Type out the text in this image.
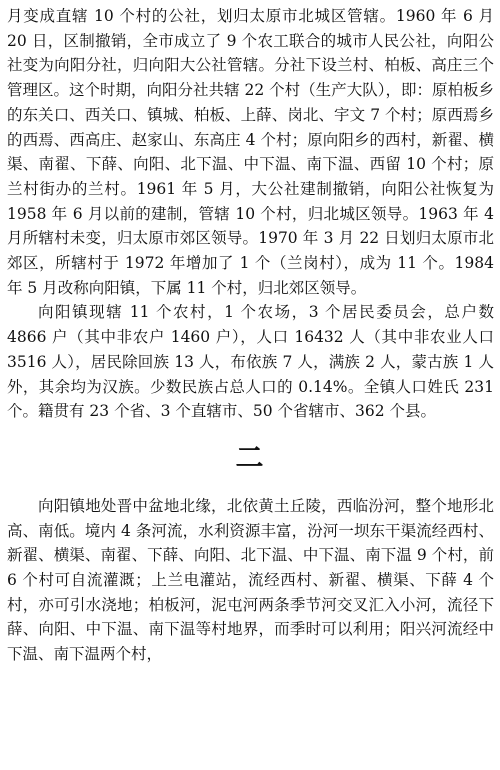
月变成直辖 10 个村的公社，划归太原市北城区管辖。1960 年 6 月 20 日，区制撤销，全市成立了 9 个农工联合的城市人民公社，向阳公社变为向阳分社，归向阳大公社管辖。分社下设兰村、柏板、高庄三个管理区。这个时期，向阳分社共辖 22 个村（生产大队），即：原柏板乡的东关口、西关口、镇城、柏板、上薛、岗北、宇文 7 个村；原西焉乡的西焉、西高庄、赵家山、东高庄 4 个村；原向阳乡的西村，新翟、横渠、南翟、下薛、向阳、北下温、中下温、南下温、西留 10 个村；原兰村街办的兰村。1961 年 5 月，大公社建制撤销，向阳公社恢复为 1958 年 6 月以前的建制，管辖 10 个村，归北城区领导。1963 年 4 月所辖村未变，归太原市郊区领导。1970 年 3 月 22 日划归太原市北郊区，所辖村于 1972 年增加了 1 个（兰岗村），成为 11 个。1984 年 5 月改称向阳镇，下属 11 个村，归北郊区领导。

向阳镇现辖 11 个农村，1 个农场，3 个居民委员会，总户数 4866 户（其中非农户 1460 户），人口 16432 人（其中非农业人口 3516 人），居民除回族 13 人，布依族 7 人，满族 2 人，蒙古族 1 人外，其余均为汉族。少数民族占总人口的 0.14%。全镇人口姓氏 231 个。籍贯有 23 个省、3 个直辖市、50 个省辖市、362 个县。

二

向阳镇地处晋中盆地北缘，北依黄土丘陵，西临汾河，整个地形北高、南低。境内 4 条河流，水利资源丰富，汾河一坝东干渠流经西村、新翟、横渠、南翟、下薛、向阳、北下温、中下温、南下温 9 个村，前 6 个村可自流灌溉；上兰电灌站，流经西村、新翟、横渠、下薛 4 个村，亦可引水浇地；柏板河，泥屯河两条季节河交叉汇入小河，流径下薛、向阳、中下温、南下温等村地界，而季时可以利用；阳兴河流经中下温、南下温两个村，
